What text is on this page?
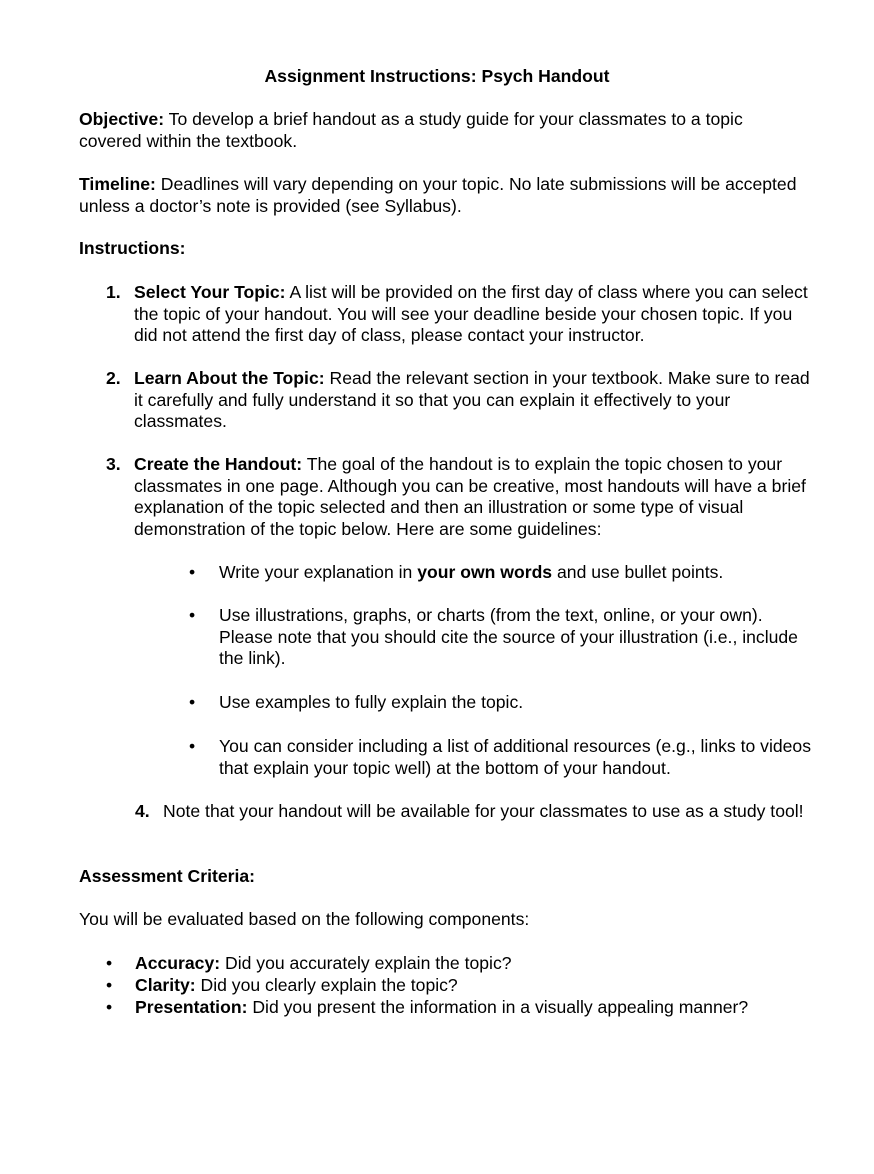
Assignment Instructions: Psych Handout
Objective: To develop a brief handout as a study guide for your classmates to a topic covered within the textbook.
Timeline: Deadlines will vary depending on your topic. No late submissions will be accepted unless a doctor’s note is provided (see Syllabus).
Instructions:
1. Select Your Topic: A list will be provided on the first day of class where you can select the topic of your handout. You will see your deadline beside your chosen topic. If you did not attend the first day of class, please contact your instructor.
2. Learn About the Topic: Read the relevant section in your textbook. Make sure to read it carefully and fully understand it so that you can explain it effectively to your classmates.
3. Create the Handout: The goal of the handout is to explain the topic chosen to your classmates in one page. Although you can be creative, most handouts will have a brief explanation of the topic selected and then an illustration or some type of visual demonstration of the topic below. Here are some guidelines:
• Write your explanation in your own words and use bullet points.
• Use illustrations, graphs, or charts (from the text, online, or your own). Please note that you should cite the source of your illustration (i.e., include the link).
• Use examples to fully explain the topic.
• You can consider including a list of additional resources (e.g., links to videos that explain your topic well) at the bottom of your handout.
4. Note that your handout will be available for your classmates to use as a study tool!
Assessment Criteria:
You will be evaluated based on the following components:
• Accuracy: Did you accurately explain the topic?
• Clarity: Did you clearly explain the topic?
• Presentation: Did you present the information in a visually appealing manner?
